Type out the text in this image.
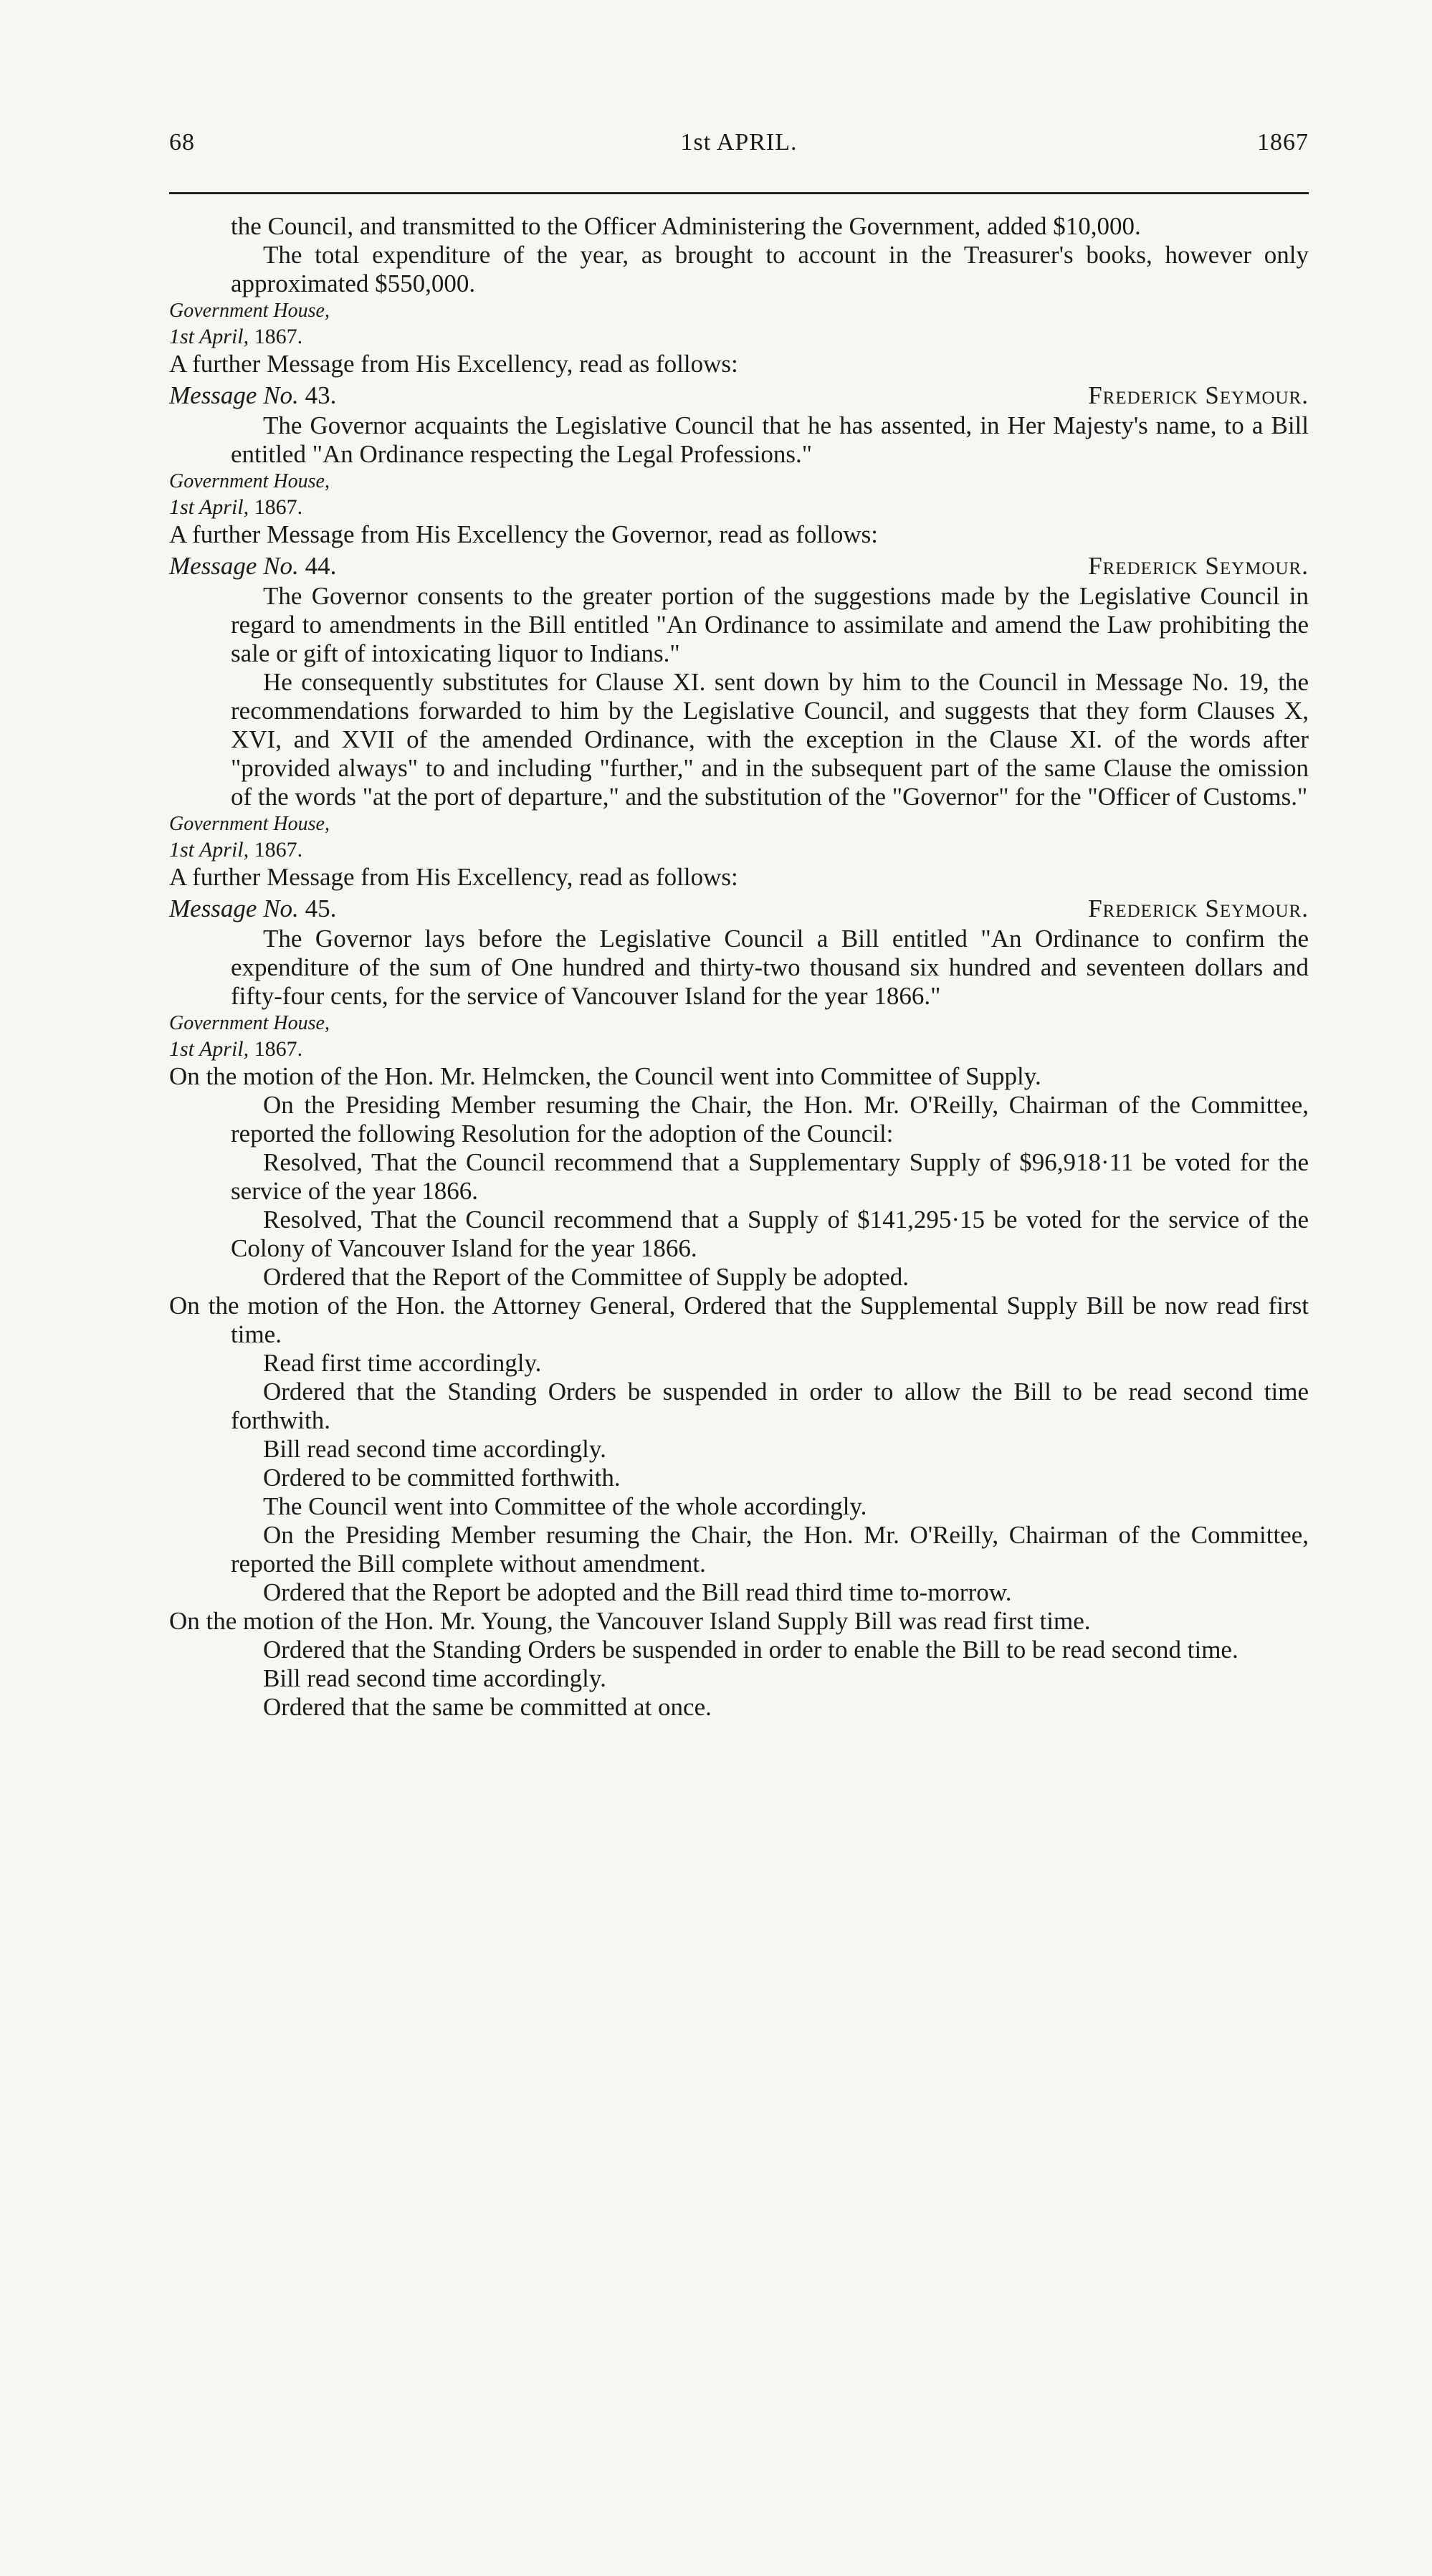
68	1st APRIL.	1867

the Council, and transmitted to the Officer Administering the Government, added $10,000.

The total expenditure of the year, as brought to account in the Treasurer's books, however only approximated $550,000.

Government House,

1st April, 1867.

A further Message from His Excellency, read as follows:

Message No. 43.	Frederick Seymour.

The Governor acquaints the Legislative Council that he has assented, in Her Majesty's name, to a Bill entitled "An Ordinance respecting the Legal Professions."

Government House,

1st April, 1867.

A further Message from His Excellency the Governor, read as follows:

Message No. 44.	Frederick Seymour.

The Governor consents to the greater portion of the suggestions made by the Legislative Council in regard to amendments in the Bill entitled "An Ordinance to assimilate and amend the Law prohibiting the sale or gift of intoxicating liquor to Indians."

He consequently substitutes for Clause XI. sent down by him to the Council in Message No. 19, the recommendations forwarded to him by the Legislative Council, and suggests that they form Clauses X, XVI, and XVII of the amended Ordinance, with the exception in the Clause XI. of the words after "provided always" to and including "further," and in the subsequent part of the same Clause the omission of the words "at the port of departure," and the substitution of the "Governor" for the "Officer of Customs."

Government House,

1st April, 1867.

A further Message from His Excellency, read as follows:

Message No. 45.	Frederick Seymour.

The Governor lays before the Legislative Council a Bill entitled "An Ordinance to confirm the expenditure of the sum of One hundred and thirty-two thousand six hundred and seventeen dollars and fifty-four cents, for the service of Vancouver Island for the year 1866."

Government House,

1st April, 1867.

On the motion of the Hon. Mr. Helmcken, the Council went into Committee of Supply.

On the Presiding Member resuming the Chair, the Hon. Mr. O'Reilly, Chairman of the Committee, reported the following Resolution for the adoption of the Council:

Resolved, That the Council recommend that a Supplementary Supply of $96,918·11 be voted for the service of the year 1866.

Resolved, That the Council recommend that a Supply of $141,295·15 be voted for the service of the Colony of Vancouver Island for the year 1866.

Ordered that the Report of the Committee of Supply be adopted.

On the motion of the Hon. the Attorney General, Ordered that the Supplemental Supply Bill be now read first time.

Read first time accordingly.

Ordered that the Standing Orders be suspended in order to allow the Bill to be read second time forthwith.

Bill read second time accordingly.

Ordered to be committed forthwith.

The Council went into Committee of the whole accordingly.

On the Presiding Member resuming the Chair, the Hon. Mr. O'Reilly, Chairman of the Committee, reported the Bill complete without amendment.

Ordered that the Report be adopted and the Bill read third time to-morrow.

On the motion of the Hon. Mr. Young, the Vancouver Island Supply Bill was read first time.

Ordered that the Standing Orders be suspended in order to enable the Bill to be read second time.

Bill read second time accordingly.

Ordered that the same be committed at once.
